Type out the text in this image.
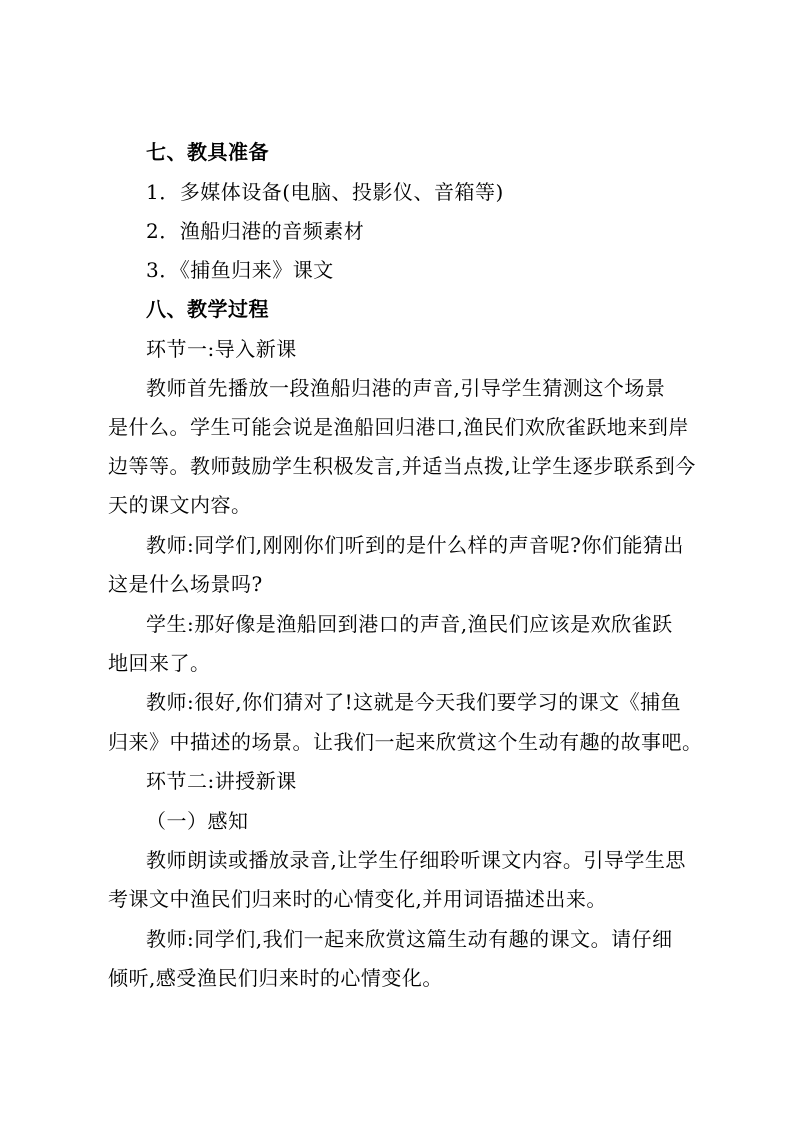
七、教具准备
1．多媒体设备(电脑、投影仪、音箱等)
2．渔船归港的音频素材
3．《捕鱼归来》课文
八、教学过程
环节一:导入新课
教师首先播放一段渔船归港的声音,引导学生猜测这个场景
是什么。学生可能会说是渔船回归港口,渔民们欢欣雀跃地来到岸
边等等。教师鼓励学生积极发言,并适当点拨,让学生逐步联系到今
天的课文内容。
教师:同学们,刚刚你们听到的是什么样的声音呢?你们能猜出
这是什么场景吗?
学生:那好像是渔船回到港口的声音,渔民们应该是欢欣雀跃
地回来了。
教师:很好,你们猜对了!这就是今天我们要学习的课文《捕鱼
归来》中描述的场景。让我们一起来欣赏这个生动有趣的故事吧。
环节二:讲授新课
（一）感知
教师朗读或播放录音,让学生仔细聆听课文内容。引导学生思
考课文中渔民们归来时的心情变化,并用词语描述出来。
教师:同学们,我们一起来欣赏这篇生动有趣的课文。请仔细
倾听,感受渔民们归来时的心情变化。
